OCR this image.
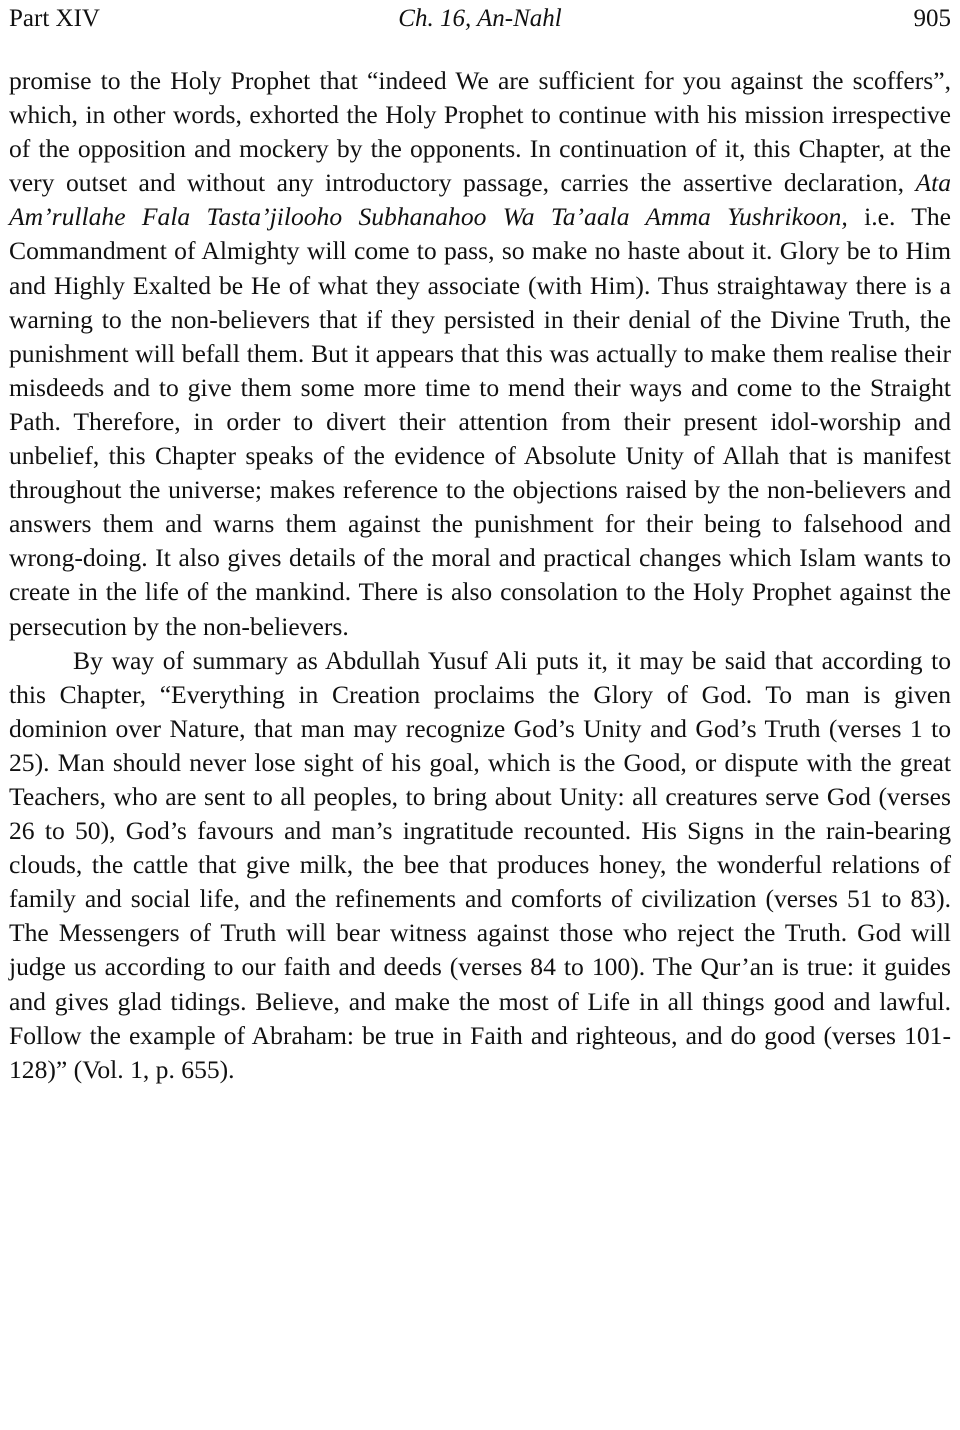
Part XIV	Ch. 16, An-Nahl	905

promise to the Holy Prophet that “indeed We are sufficient for you against the scoffers”, which, in other words, exhorted the Holy Prophet to continue with his mission irrespective of the opposition and mockery by the opponents. In continuation of it, this Chapter, at the very outset and without any introductory passage, carries the assertive declaration, Ata Am’rullahe Fala Tasta’jilooho Subhanahoo Wa Ta’aala Amma Yushrikoon, i.e. The Commandment of Almighty will come to pass, so make no haste about it. Glory be to Him and Highly Exalted be He of what they associate (with Him). Thus straightaway there is a warning to the non-believers that if they persisted in their denial of the Divine Truth, the punishment will befall them. But it appears that this was actually to make them realise their misdeeds and to give them some more time to mend their ways and come to the Straight Path. Therefore, in order to divert their attention from their present idol-worship and unbelief, this Chapter speaks of the evidence of Absolute Unity of Allah that is manifest throughout the universe; makes reference to the objections raised by the non-believers and answers them and warns them against the punishment for their being to falsehood and wrong-doing. It also gives details of the moral and practical changes which Islam wants to create in the life of the mankind. There is also consolation to the Holy Prophet against the persecution by the non-believers.

By way of summary as Abdullah Yusuf Ali puts it, it may be said that according to this Chapter, “Everything in Creation proclaims the Glory of God. To man is given dominion over Nature, that man may recognize God’s Unity and God’s Truth (verses 1 to 25). Man should never lose sight of his goal, which is the Good, or dispute with the great Teachers, who are sent to all peoples, to bring about Unity: all creatures serve God (verses 26 to 50), God’s favours and man’s ingratitude recounted. His Signs in the rain-bearing clouds, the cattle that give milk, the bee that produces honey, the wonderful relations of family and social life, and the refinements and comforts of civilization (verses 51 to 83). The Messengers of Truth will bear witness against those who reject the Truth. God will judge us according to our faith and deeds (verses 84 to 100). The Qur’an is true: it guides and gives glad tidings. Believe, and make the most of Life in all things good and lawful. Follow the example of Abraham: be true in Faith and righteous, and do good (verses 101-128)” (Vol. 1, p. 655).
